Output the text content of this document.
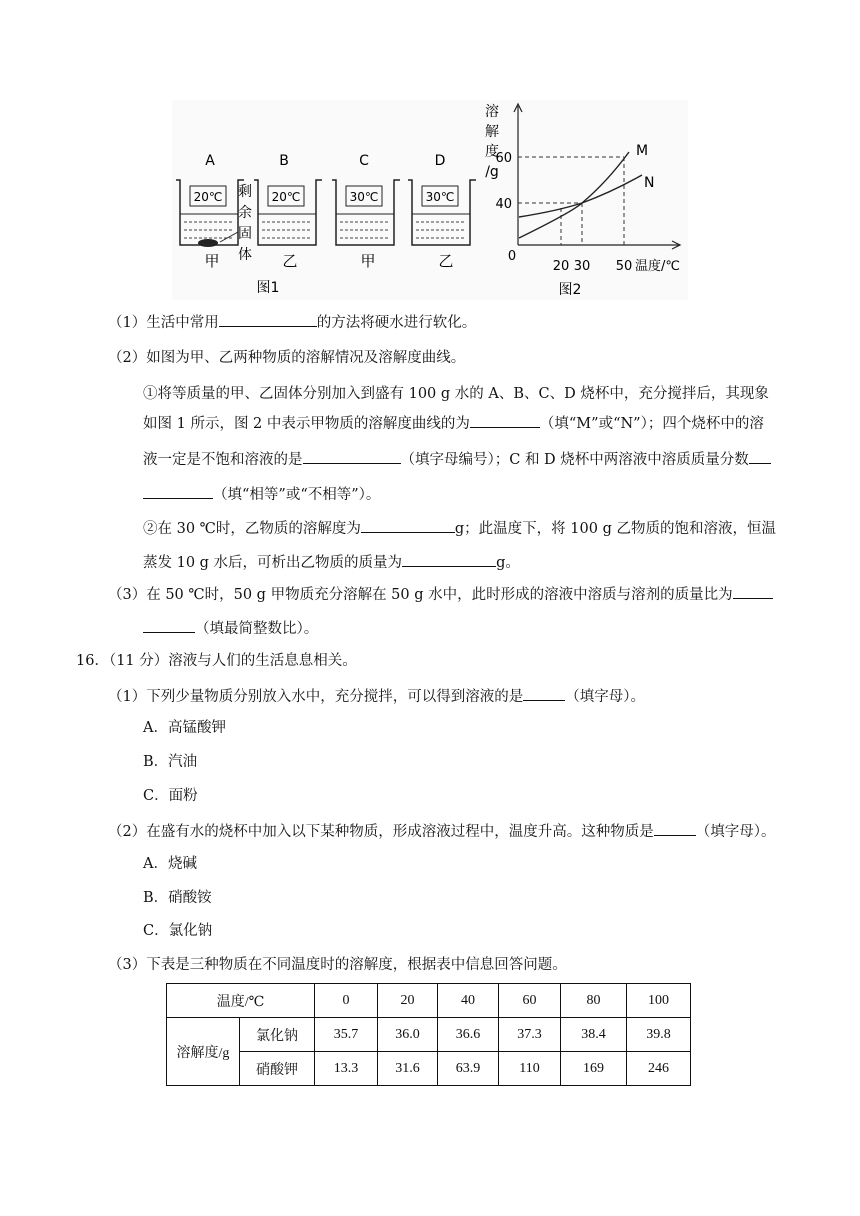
A
20℃
甲
剩
余
固
体
B
20℃
乙
C
30℃
甲
D
30℃
乙
图1
溶
解
度
/g
0
60
40
20 30 50 温度/℃
M
N
图2
（1）生活中常用	的方法将硬水进行软化。
（2）如图为甲、乙两种物质的溶解情况及溶解度曲线。
①将等质量的甲、乙固体分别加入到盛有 100 g 水的 A、B、C、D 烧杯中，充分搅拌后，其现象
如图 1 所示，图 2 中表示甲物质的溶解度曲线的为	（填“M”或“N”）；四个烧杯中的溶
液一定是不饱和溶液的是	（填字母编号）；C 和 D 烧杯中两溶液中溶质质量分数
（填“相等”或“不相等”）。
②在 30 ℃时，乙物质的溶解度为	g；此温度下，将 100 g 乙物质的饱和溶液，恒温
蒸发 10 g 水后，可析出乙物质的质量为	g。
（3）在 50 ℃时，50 g 甲物质充分溶解在 50 g 水中，此时形成的溶液中溶质与溶剂的质量比为
（填最简整数比）。
16．（11 分）溶液与人们的生活息息相关。
（1）下列少量物质分别放入水中，充分搅拌，可以得到溶液的是	（填字母）。
A．高锰酸钾
B．汽油
C．面粉
（2）在盛有水的烧杯中加入以下某种物质，形成溶液过程中，温度升高。这种物质是	（填字母）。
A．烧碱
B．硝酸铵
C．氯化钠
（3）下表是三种物质在不同温度时的溶解度，根据表中信息回答问题。
温度/℃		0	20	40	60	80	100
溶解度/g	氯化钠	35.7	36.0	36.6	37.3	38.4	39.8
	硝酸钾	13.3	31.6	63.9	110	169	246
